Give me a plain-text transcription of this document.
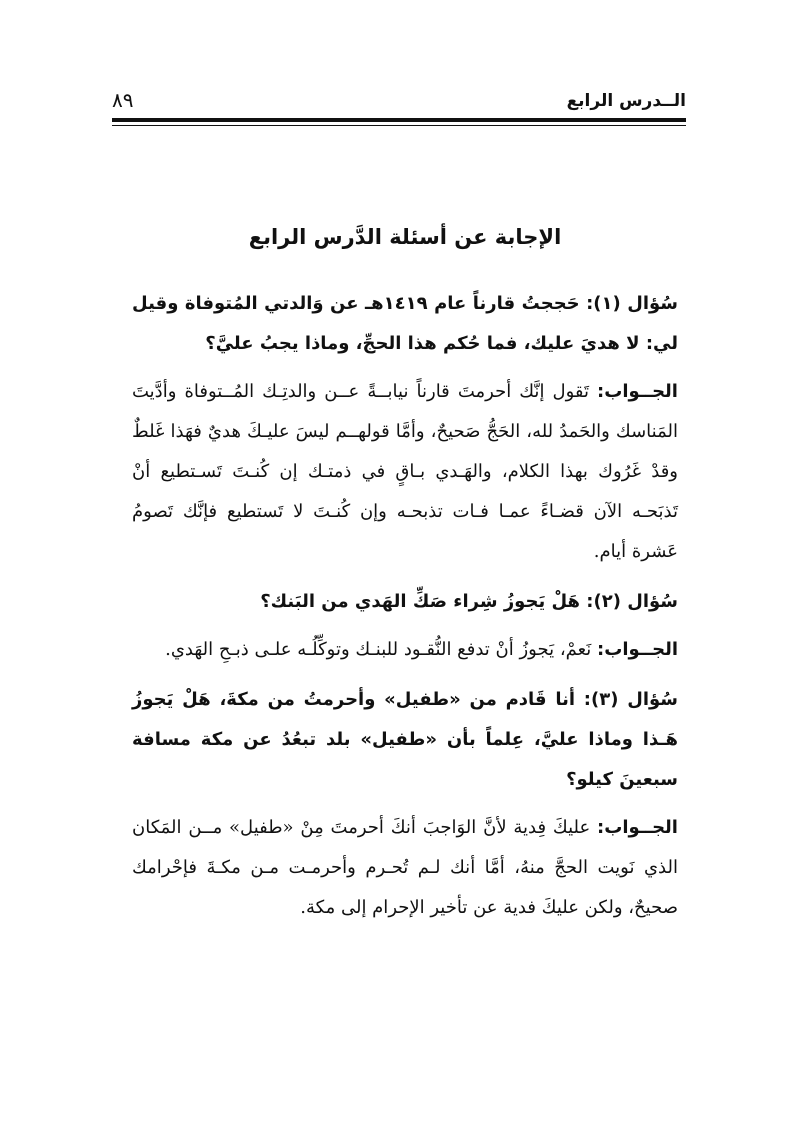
الــدرس الرابع
٨٩
الإجابة عن أسئلة الدَّرس الرابع

سُؤال (١): حَججتُ قارناً عام ١٤١٩هـ عن وَالدتي المُتوفاة وقيل لي: لا هديَ عليك، فما حُكم هذا الحجِّ، وماذا يجبُ عليَّ؟

الجــواب: تَقول إنَّك أحرمتَ قارناً نيابــةً عــن والدتِـك المُــتوفاة وأدَّيتَ المَناسك والحَمدُ لله، الحَجُّ صَحيحٌ، وأمَّا قولهــم ليسَ عليـكَ هديٌ فهَذا غَلطٌ وقدْ غَرُوك بهذا الكلام، والهَـدي بـاقٍ في ذمتـك إن كُنـتَ تَسـتطيع أنْ تَذبَحـه الآن قضـاءً عمـا فـات تذبحـه وإن كُنـتَ لا تَستطيع فإنَّك تَصومُ عَشرة أيام.

سُؤال (٢): هَلْ يَجوزُ شِراء صَكِّ الهَدي من البَنك؟

الجــواب: نَعمْ، يَجوزُ أنْ تدفع النُّقـود للبنـك وتوكِّلُـه علـى ذبـحِ الهَدي.

سُؤال (٣): أنا قَادم من «طفيل» وأحرمتُ من مكةَ، هَلْ يَجوزُ هَـذا وماذا عليَّ، عِلماً بأن «طفيل» بلد تبعُدُ عن مكة مسافة سبعينَ كيلو؟

الجــواب: عليكَ فِدية لأنَّ الوَاجبَ أنكَ أحرمتَ مِنْ «طفيل» مــن المَكان الذي نَويت الحجَّ منهُ، أمَّا أنك لـم تُحـرم وأحرمـت مـن مكـةَ فإحْرامك صحيحٌ، ولكن عليكَ فدية عن تأخير الإحرام إلى مكة.
